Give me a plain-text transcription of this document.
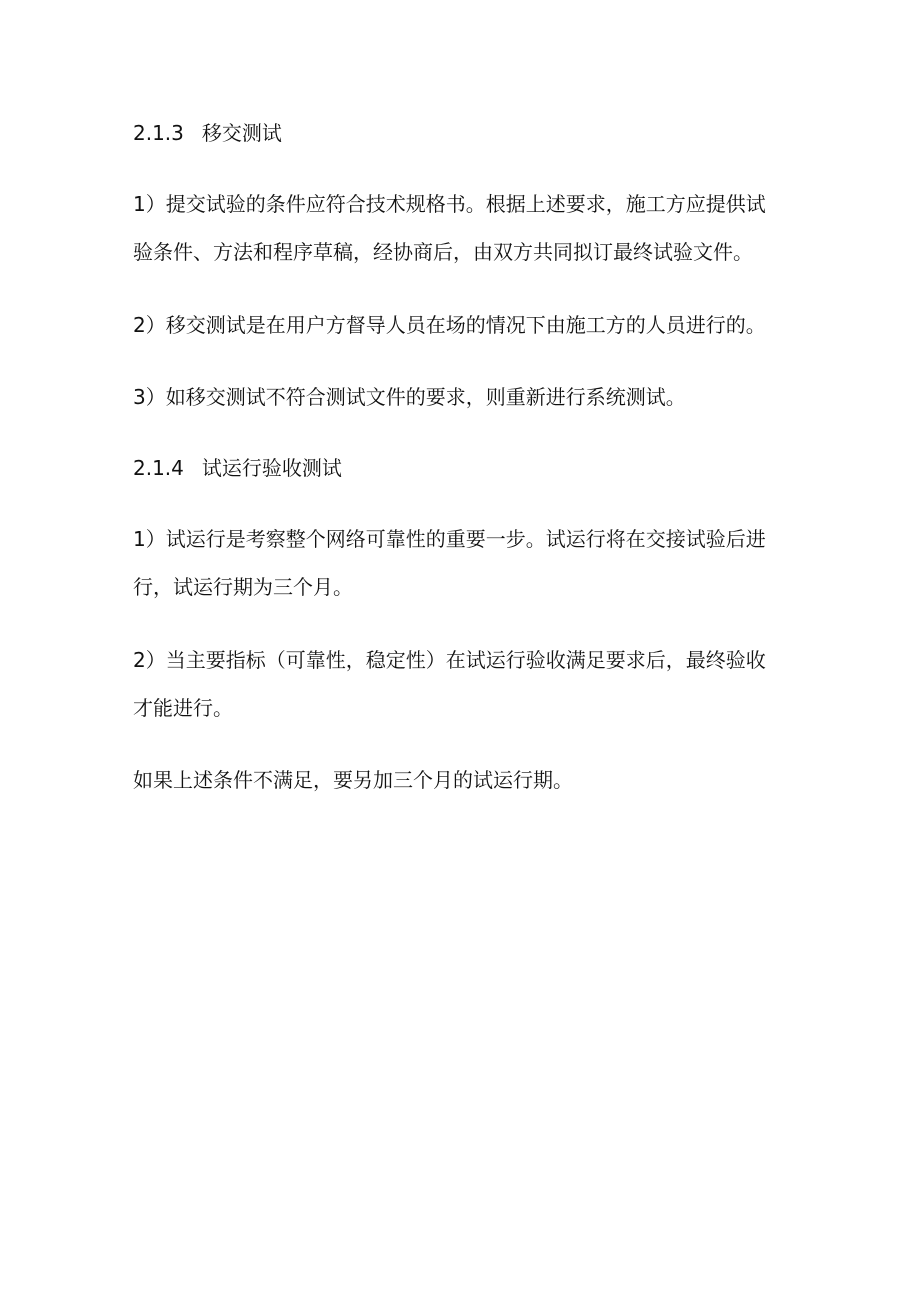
2.1.3 移交测试

1）提交试验的条件应符合技术规格书。根据上述要求，施工方应提供试

验条件、方法和程序草稿，经协商后，由双方共同拟订最终试验文件。

2）移交测试是在用户方督导人员在场的情况下由施工方的人员进行的。

3）如移交测试不符合测试文件的要求，则重新进行系统测试。

2.1.4 试运行验收测试

1）试运行是考察整个网络可靠性的重要一步。试运行将在交接试验后进

行，试运行期为三个月。

2）当主要指标（可靠性，稳定性）在试运行验收满足要求后，最终验收

才能进行。

如果上述条件不满足，要另加三个月的试运行期。
